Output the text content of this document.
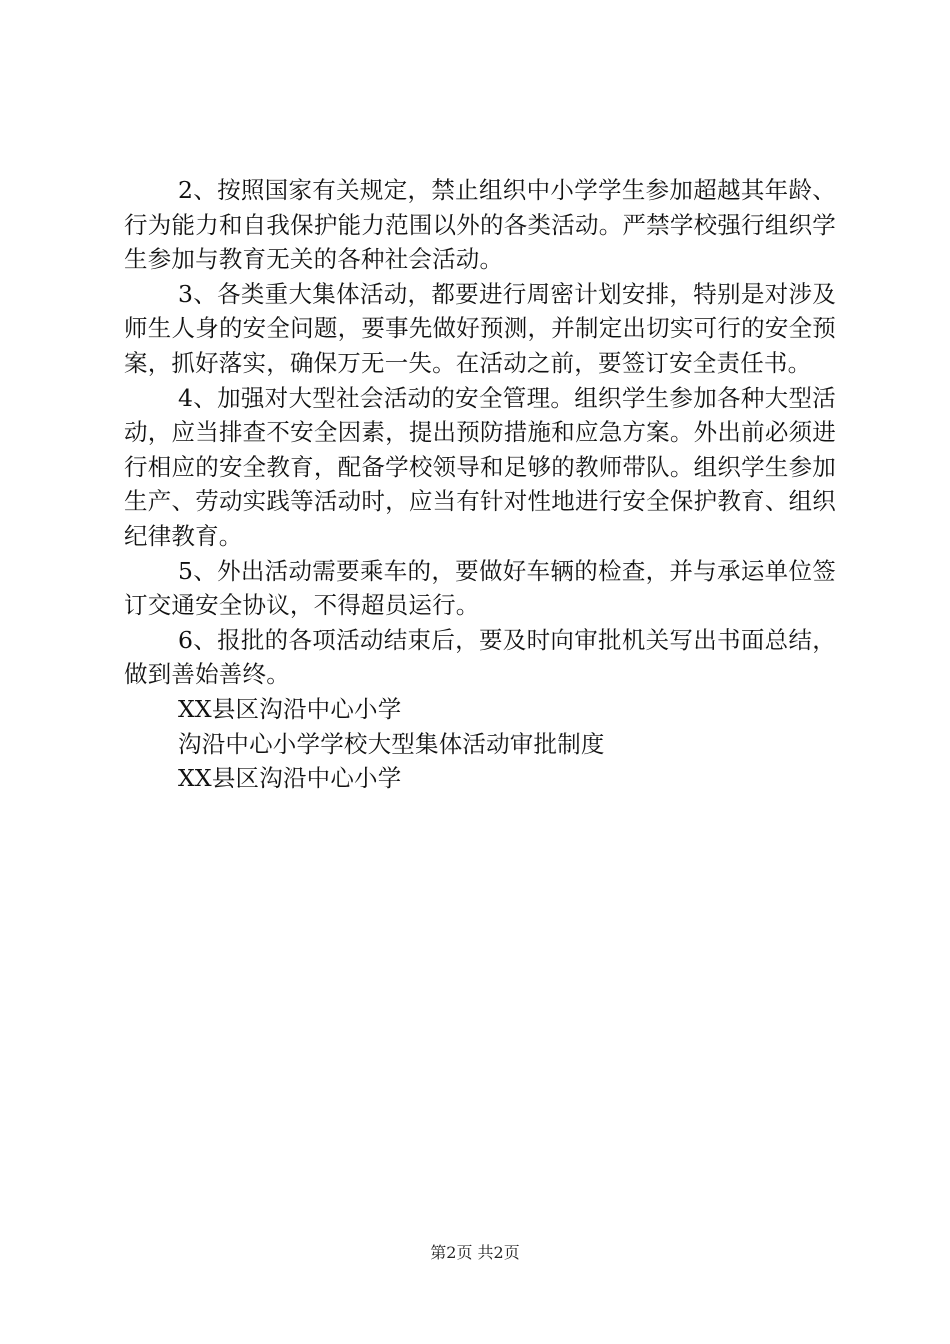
2、按照国家有关规定，禁止组织中小学学生参加超越其年龄、行为能力和自我保护能力范围以外的各类活动。严禁学校强行组织学生参加与教育无关的各种社会活动。

3、各类重大集体活动，都要进行周密计划安排，特别是对涉及师生人身的安全问题，要事先做好预测，并制定出切实可行的安全预案，抓好落实，确保万无一失。在活动之前，要签订安全责任书。

4、加强对大型社会活动的安全管理。组织学生参加各种大型活动，应当排查不安全因素，提出预防措施和应急方案。外出前必须进行相应的安全教育，配备学校领导和足够的教师带队。组织学生参加生产、劳动实践等活动时，应当有针对性地进行安全保护教育、组织纪律教育。

5、外出活动需要乘车的，要做好车辆的检查，并与承运单位签订交通安全协议，不得超员运行。

6、报批的各项活动结束后，要及时向审批机关写出书面总结，做到善始善终。

XX县区沟沿中心小学

沟沿中心小学学校大型集体活动审批制度

XX县区沟沿中心小学

第2页 共2页
